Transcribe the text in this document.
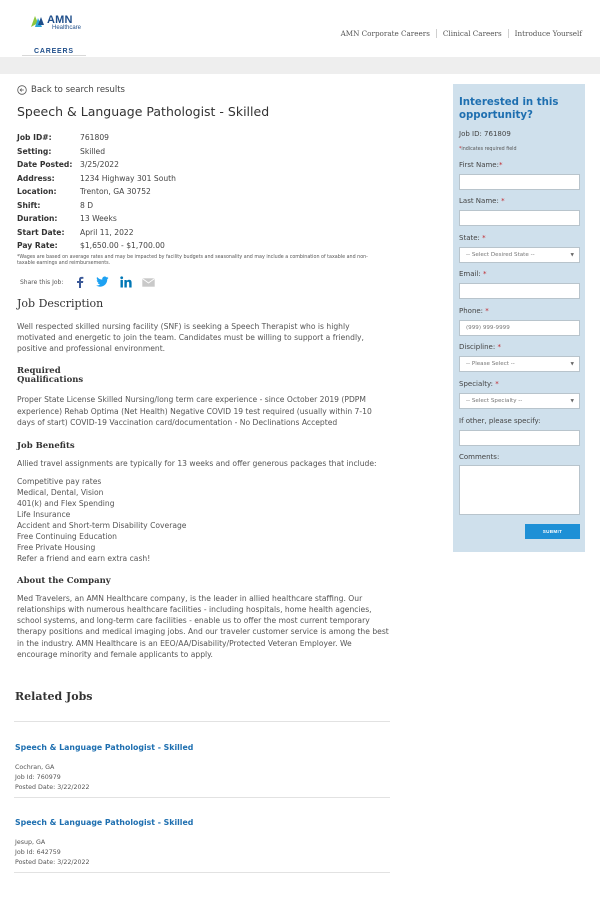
AMN
Healthcare
CAREERS
AMN Corporate Careers	Clinical Careers	Introduce Yourself
Back to search results
Speech & Language Pathologist - Skilled
Job ID#:	761809
Setting:	Skilled
Date Posted: 3/25/2022
Address:	1234 Highway 301 South
Location:	Trenton, GA 30752
Shift:	8 D
Duration:	13 Weeks
Start Date:	April 11, 2022
Pay Rate:	$1,650.00 - $1,700.00
*Wages are based on average rates and may be impacted by facility budgets and seasonality and may include a combination of taxable and non-taxable earnings and reimbursements.
Share this Job:
Job Description

Well respected skilled nursing facility (SNF) is seeking a Speech Therapist who is highly motivated and energetic to join the team. Candidates must be willing to support a friendly, positive and professional environment.

Required Qualifications

Proper State License Skilled Nursing/long term care experience - since October 2019 (PDPM experience) Rehab Optima (Net Health) Negative COVID 19 test required (usually within 7-10 days of start) COVID-19 Vaccination card/documentation - No Declinations Accepted

Job Benefits

Allied travel assignments are typically for 13 weeks and offer generous packages that include:

Competitive pay rates
Medical, Dental, Vision
401(k) and Flex Spending
Life Insurance
Accident and Short-term Disability Coverage
Free Continuing Education
Free Private Housing
Refer a friend and earn extra cash!
About the Company

Med Travelers, an AMN Healthcare company, is the leader in allied healthcare staffing. Our relationships with numerous healthcare facilities - including hospitals, home health agencies, school systems, and long-term care facilities - enable us to offer the most current temporary therapy positions and medical imaging jobs. And our traveler customer service is among the best in the industry. AMN Healthcare is an EEO/AA/Disability/Protected Veteran Employer. We encourage minority and female applicants to apply.

Related Jobs
Speech & Language Pathologist - Skilled
Cochran, GA
Job Id: 760979
Posted Date: 3/22/2022
Speech & Language Pathologist - Skilled
Jesup, GA
Job Id: 642759
Posted Date: 3/22/2022
Interested in this opportunity?
Job ID: 761809
*indicates required field
First Name:*
Last Name: *
State: *
-- Select Desired State --	▼
Email: *
Phone: *
(999) 999-9999
Discipline: *
-- Please Select --	▼
Specialty: *
-- Select Specialty --	▼
If other, please specify:
Comments:
SUBMIT
